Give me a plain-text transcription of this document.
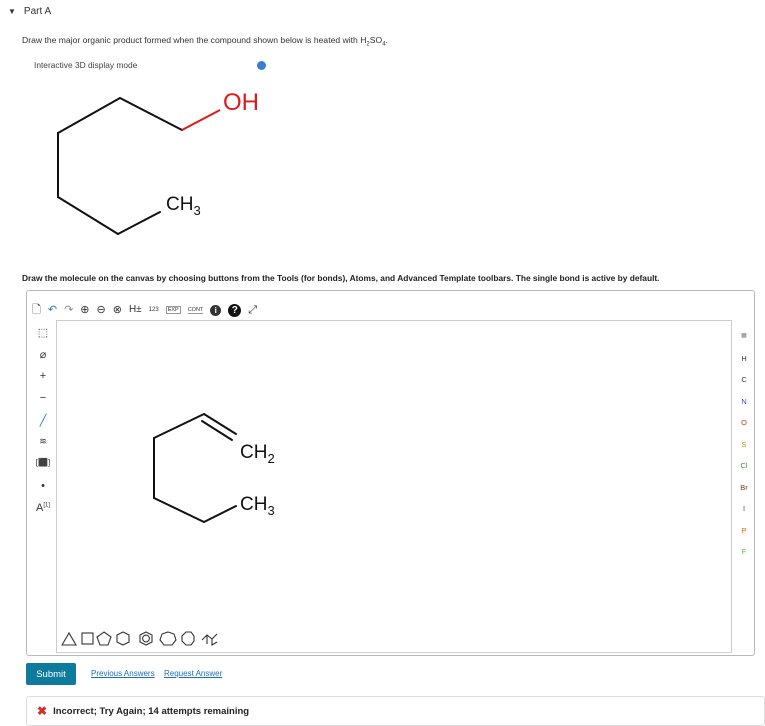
▼ Part A
Draw the major organic product formed when the compound shown below is heated with $H_2SO_4$.
Interactive 3D display mode
OH
$CH_3$
Draw the molecule on the canvas by choosing buttons from the Tools (for bonds), Atoms, and Advanced Template toolbars. The single bond is active by default.
🗋 ↶ ↷ ⊕ ⊖ ⊗ H± 123	EXP	CONT	i	? ⤢
⬚
⌀
+
−
╱
≋
[⬛]
•
A[1]
$CH_2$
$CH_3$
▦
H
C
N
O
S
Cl
Br
I
P
F
Submit	Previous Answers Request Answer
✖ Incorrect; Try Again; 14 attempts remaining
